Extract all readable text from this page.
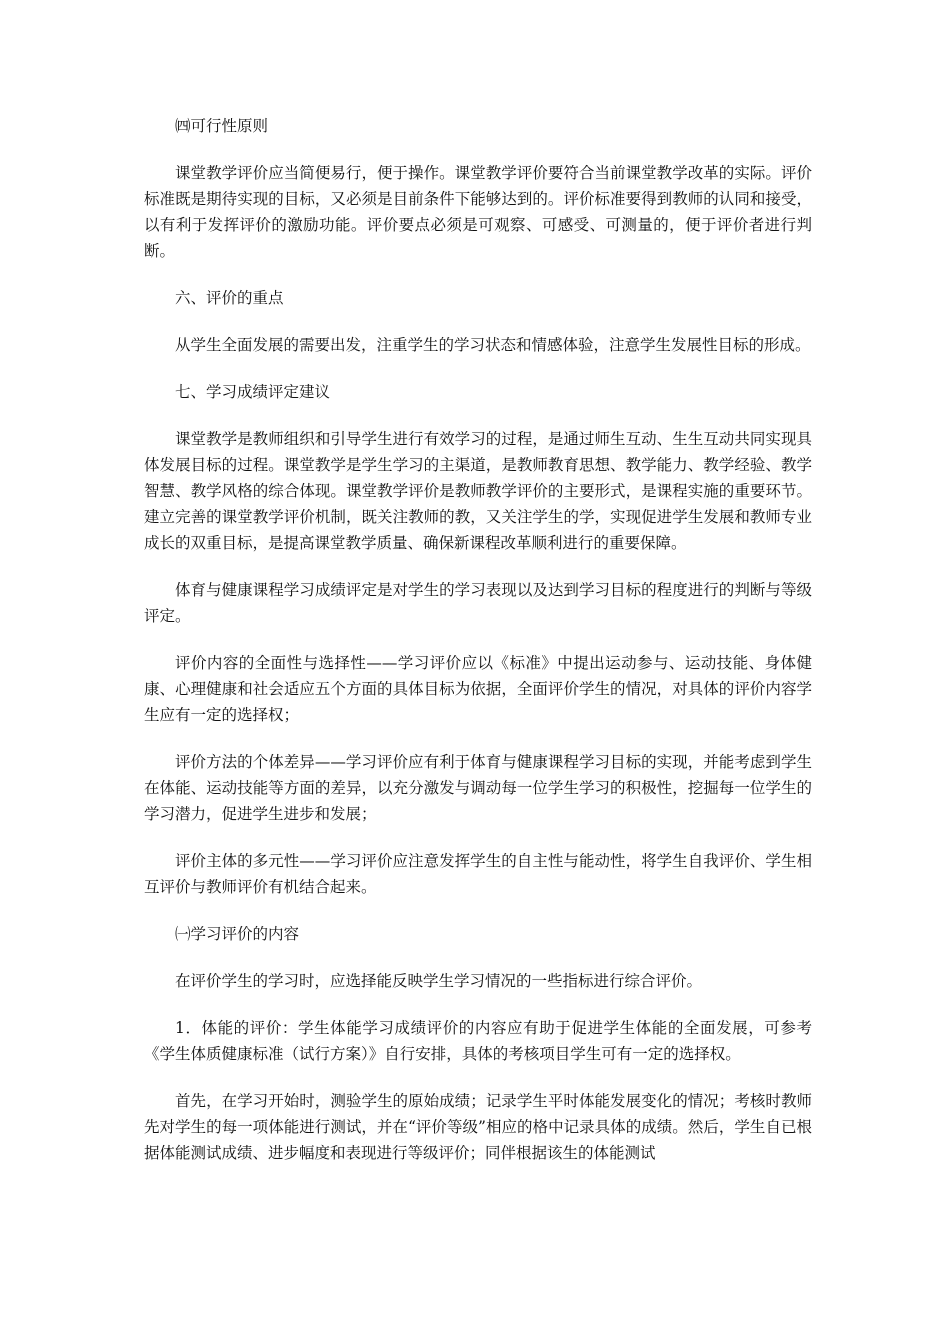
㈣可行性原则

课堂教学评价应当简便易行，便于操作。课堂教学评价要符合当前课堂教学改革的实际。评价标准既是期待实现的目标，又必须是目前条件下能够达到的。评价标准要得到教师的认同和接受，以有利于发挥评价的激励功能。评价要点必须是可观察、可感受、可测量的，便于评价者进行判断。

六、评价的重点

从学生全面发展的需要出发，注重学生的学习状态和情感体验，注意学生发展性目标的形成。

七、学习成绩评定建议

课堂教学是教师组织和引导学生进行有效学习的过程，是通过师生互动、生生互动共同实现具体发展目标的过程。课堂教学是学生学习的主渠道，是教师教育思想、教学能力、教学经验、教学智慧、教学风格的综合体现。课堂教学评价是教师教学评价的主要形式，是课程实施的重要环节。建立完善的课堂教学评价机制，既关注教师的教，又关注学生的学，实现促进学生发展和教师专业成长的双重目标，是提高课堂教学质量、确保新课程改革顺利进行的重要保障。

体育与健康课程学习成绩评定是对学生的学习表现以及达到学习目标的程度进行的判断与等级评定。

评价内容的全面性与选择性——学习评价应以《标准》中提出运动参与、运动技能、身体健康、心理健康和社会适应五个方面的具体目标为依据，全面评价学生的情况，对具体的评价内容学生应有一定的选择权；

评价方法的个体差异——学习评价应有利于体育与健康课程学习目标的实现，并能考虑到学生在体能、运动技能等方面的差异，以充分激发与调动每一位学生学习的积极性，挖掘每一位学生的学习潜力，促进学生进步和发展；

评价主体的多元性——学习评价应注意发挥学生的自主性与能动性，将学生自我评价、学生相互评价与教师评价有机结合起来。

㈠学习评价的内容

在评价学生的学习时，应选择能反映学生学习情况的一些指标进行综合评价。

1．体能的评价：学生体能学习成绩评价的内容应有助于促进学生体能的全面发展，可参考《学生体质健康标准（试行方案）》自行安排，具体的考核项目学生可有一定的选择权。

首先，在学习开始时，测验学生的原始成绩；记录学生平时体能发展变化的情况；考核时教师先对学生的每一项体能进行测试，并在“评价等级”相应的格中记录具体的成绩。然后，学生自已根据体能测试成绩、进步幅度和表现进行等级评价；同伴根据该生的体能测试
